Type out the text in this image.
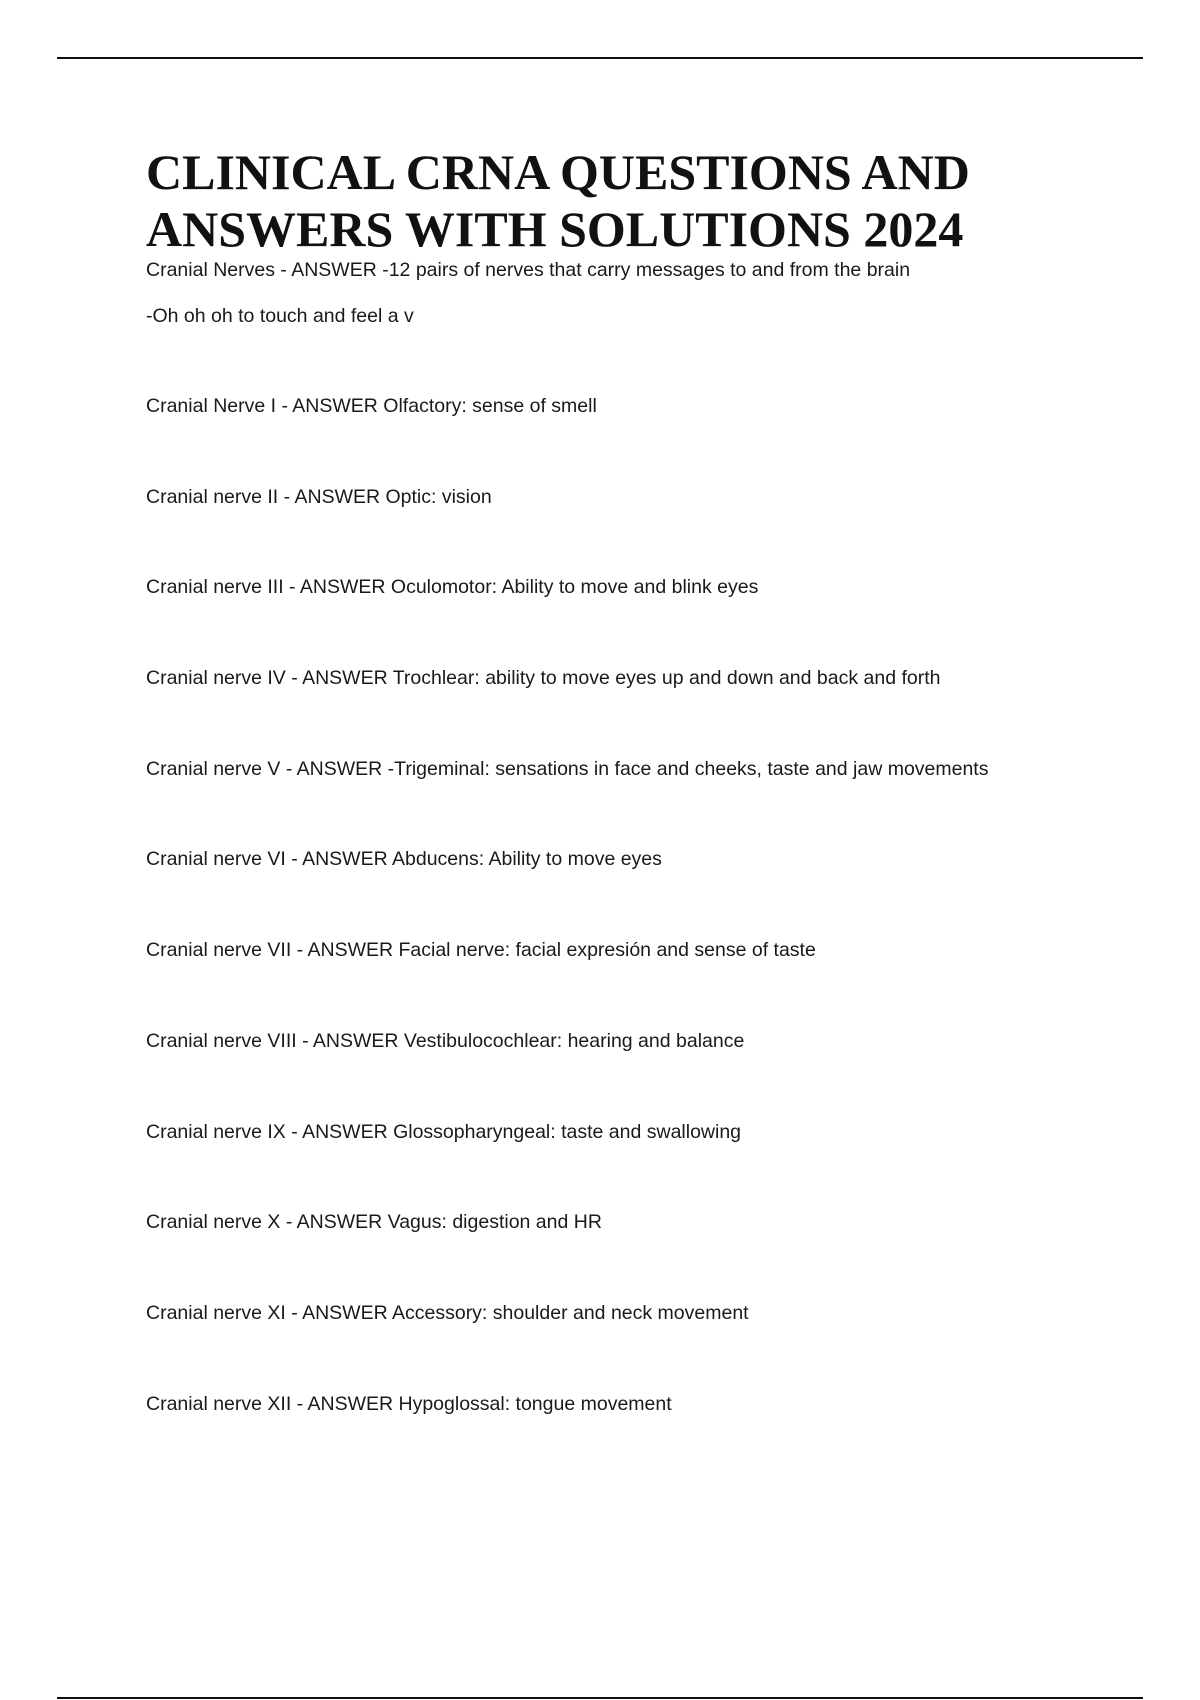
CLINICAL CRNA QUESTIONS AND
ANSWERS WITH SOLUTIONS 2024
Cranial Nerves - ANSWER -12 pairs of nerves that carry messages to and from the brain
-Oh oh oh to touch and feel a v
Cranial Nerve I - ANSWER Olfactory: sense of smell
Cranial nerve II - ANSWER Optic: vision
Cranial nerve III - ANSWER Oculomotor: Ability to move and blink eyes
Cranial nerve IV - ANSWER Trochlear: ability to move eyes up and down and back and forth
Cranial nerve V - ANSWER -Trigeminal: sensations in face and cheeks, taste and jaw movements
Cranial nerve VI - ANSWER Abducens: Ability to move eyes
Cranial nerve VII - ANSWER Facial nerve: facial expresión and sense of taste
Cranial nerve VIII - ANSWER Vestibulocochlear: hearing and balance
Cranial nerve IX - ANSWER Glossopharyngeal: taste and swallowing
Cranial nerve X - ANSWER Vagus: digestion and HR
Cranial nerve XI - ANSWER Accessory: shoulder and neck movement
Cranial nerve XII - ANSWER Hypoglossal: tongue movement
